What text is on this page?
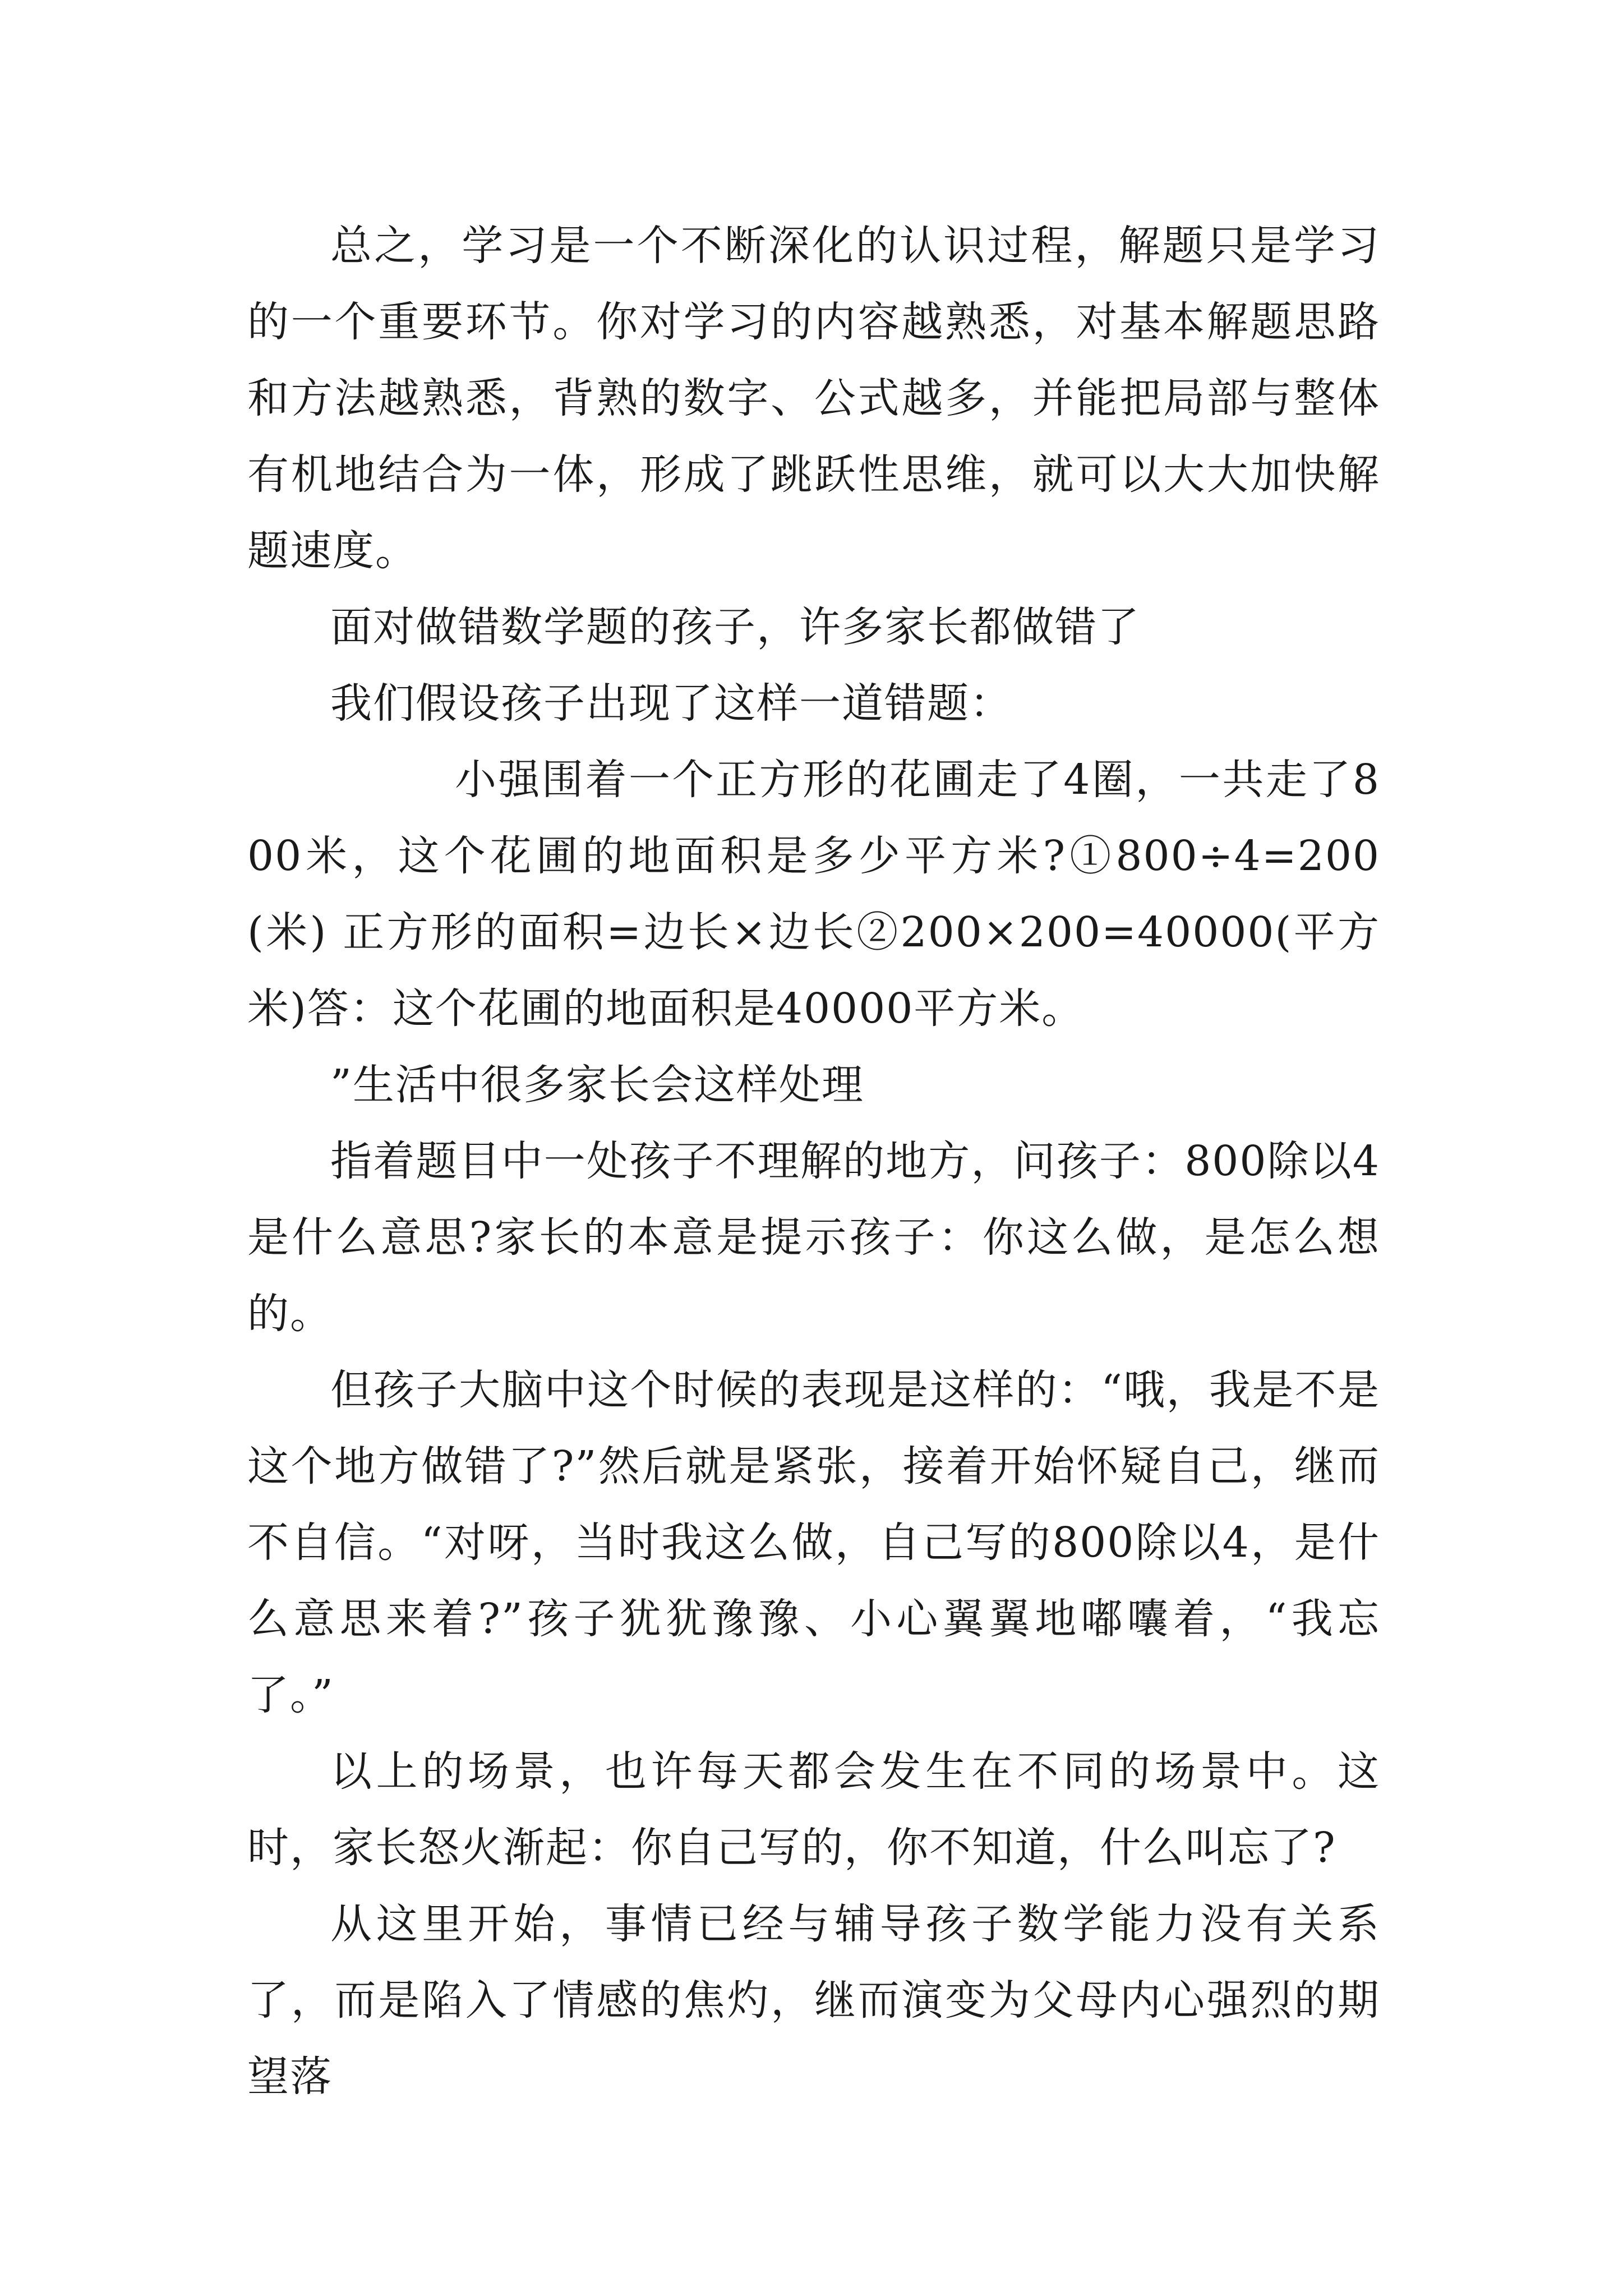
总之，学习是一个不断深化的认识过程，解题只是学习的一个重要环节。你对学习的内容越熟悉，对基本解题思路和方法越熟悉，背熟的数字、公式越多，并能把局部与整体有机地结合为一体，形成了跳跃性思维，就可以大大加快解题速度。

面对做错数学题的孩子，许多家长都做错了

我们假设孩子出现了这样一道错题：

小强围着一个正方形的花圃走了4圈，一共走了800米，这个花圃的地面积是多少平方米?①800÷4=200(米) 正方形的面积=边长×边长②200×200=40000(平方米)答：这个花圃的地面积是40000平方米。

”生活中很多家长会这样处理

指着题目中一处孩子不理解的地方，问孩子：800除以4是什么意思?家长的本意是提示孩子：你这么做，是怎么想的。

但孩子大脑中这个时候的表现是这样的：“哦，我是不是这个地方做错了?”然后就是紧张，接着开始怀疑自己，继而不自信。“对呀，当时我这么做，自己写的800除以4，是什么意思来着?”孩子犹犹豫豫、小心翼翼地嘟囔着，“我忘了。”

以上的场景，也许每天都会发生在不同的场景中。这时，家长怒火渐起：你自己写的，你不知道，什么叫忘了?

从这里开始，事情已经与辅导孩子数学能力没有关系了，而是陷入了情感的焦灼，继而演变为父母内心强烈的期望落
